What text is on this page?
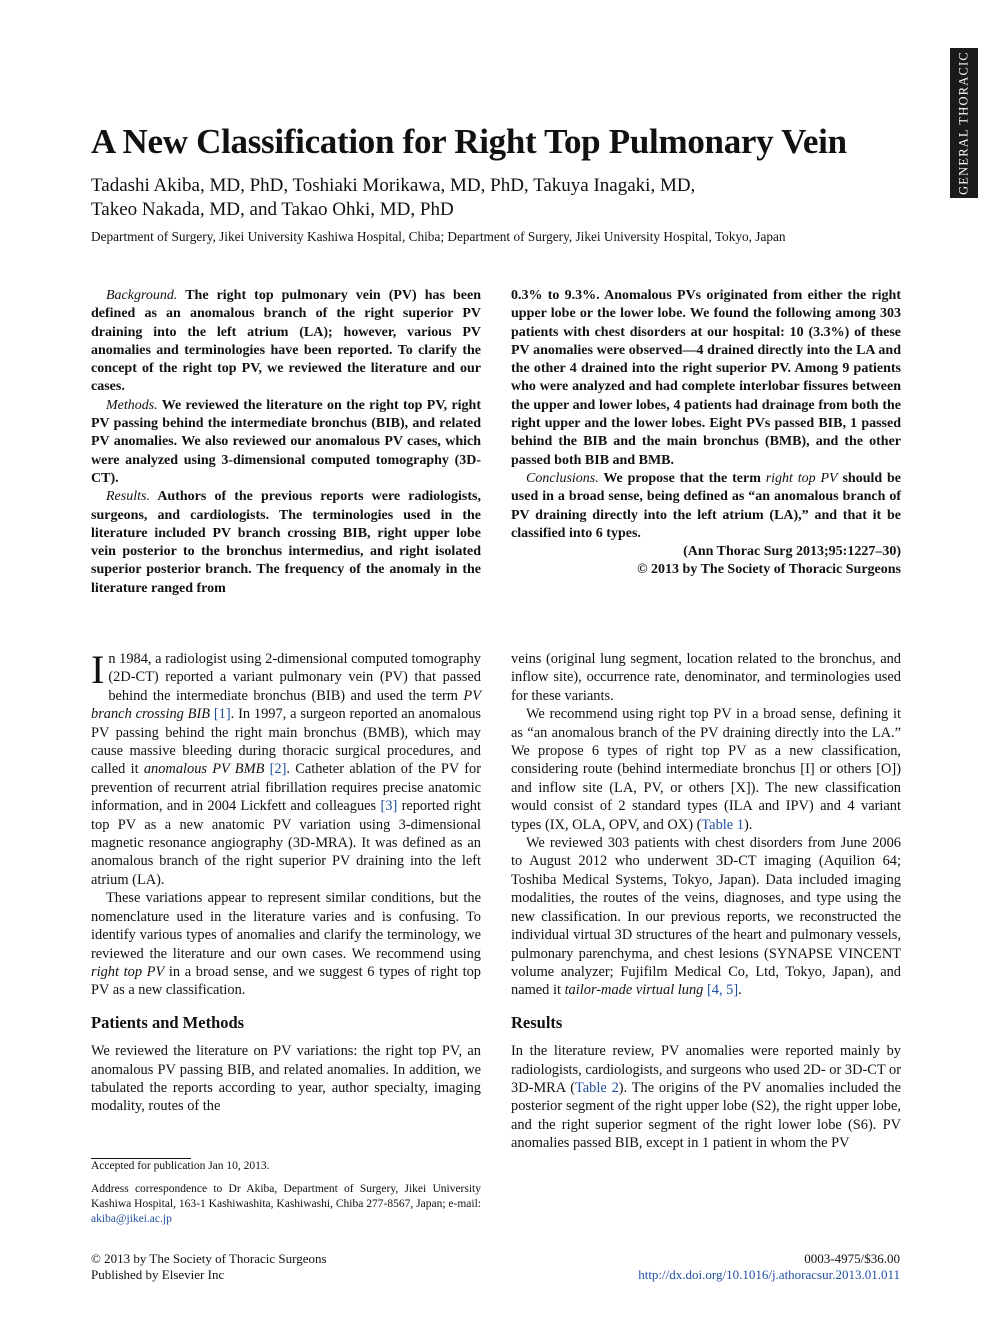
GENERAL THORACIC
A New Classification for Right Top Pulmonary Vein
Tadashi Akiba, MD, PhD, Toshiaki Morikawa, MD, PhD, Takuya Inagaki, MD,
Takeo Nakada, MD, and Takao Ohki, MD, PhD
Department of Surgery, Jikei University Kashiwa Hospital, Chiba; Department of Surgery, Jikei University Hospital, Tokyo, Japan

Background. The right top pulmonary vein (PV) has been defined as an anomalous branch of the right superior PV draining into the left atrium (LA); however, various PV anomalies and terminologies have been reported. To clarify the concept of the right top PV, we reviewed the literature and our cases.

Methods. We reviewed the literature on the right top PV, right PV passing behind the intermediate bronchus (BIB), and related PV anomalies. We also reviewed our anomalous PV cases, which were analyzed using 3-dimensional computed tomography (3D-CT).

Results. Authors of the previous reports were radiologists, surgeons, and cardiologists. The terminologies used in the literature included PV branch crossing BIB, right upper lobe vein posterior to the bronchus intermedius, and right isolated superior posterior branch. The frequency of the anomaly in the literature ranged from

0.3% to 9.3%. Anomalous PVs originated from either the right upper lobe or the lower lobe. We found the following among 303 patients with chest disorders at our hospital: 10 (3.3%) of these PV anomalies were observed—4 drained directly into the LA and the other 4 drained into the right superior PV. Among 9 patients who were analyzed and had complete interlobar fissures between the upper and lower lobes, 4 patients had drainage from both the right upper and the lower lobes. Eight PVs passed BIB, 1 passed behind the BIB and the main bronchus (BMB), and the other passed both BIB and BMB.

Conclusions. We propose that the term right top PV should be used in a broad sense, being defined as “an anomalous branch of PV draining directly into the left atrium (LA),” and that it be classified into 6 types.

(Ann Thorac Surg 2013;95:1227–30)

© 2013 by The Society of Thoracic Surgeons

In 1984, a radiologist using 2-dimensional computed tomography (2D-CT) reported a variant pulmonary vein (PV) that passed behind the intermediate bronchus (BIB) and used the term PV branch crossing BIB [1]. In 1997, a surgeon reported an anomalous PV passing behind the right main bronchus (BMB), which may cause massive bleeding during thoracic surgical procedures, and called it anomalous PV BMB [2]. Catheter ablation of the PV for prevention of recurrent atrial fibrillation requires precise anatomic information, and in 2004 Lickfett and colleagues [3] reported right top PV as a new anatomic PV variation using 3-dimensional magnetic resonance angiography (3D-MRA). It was defined as an anomalous branch of the right superior PV draining into the left atrium (LA).

These variations appear to represent similar conditions, but the nomenclature used in the literature varies and is confusing. To identify various types of anomalies and clarify the terminology, we reviewed the literature and our own cases. We recommend using right top PV in a broad sense, and we suggest 6 types of right top PV as a new classification.

Patients and Methods

We reviewed the literature on PV variations: the right top PV, an anomalous PV passing BIB, and related anomalies. In addition, we tabulated the reports according to year, author specialty, imaging modality, routes of the

veins (original lung segment, location related to the bronchus, and inflow site), occurrence rate, denominator, and terminologies used for these variants.

We recommend using right top PV in a broad sense, defining it as “an anomalous branch of the PV draining directly into the LA.” We propose 6 types of right top PV as a new classification, considering route (behind intermediate bronchus [I] or others [O]) and inflow site (LA, PV, or others [X]). The new classification would consist of 2 standard types (ILA and IPV) and 4 variant types (IX, OLA, OPV, and OX) (Table 1).

We reviewed 303 patients with chest disorders from June 2006 to August 2012 who underwent 3D-CT imaging (Aquilion 64; Toshiba Medical Systems, Tokyo, Japan). Data included imaging modalities, the routes of the veins, diagnoses, and type using the new classification. In our previous reports, we reconstructed the individual virtual 3D structures of the heart and pulmonary vessels, pulmonary parenchyma, and chest lesions (SYNAPSE VINCENT volume analyzer; Fujifilm Medical Co, Ltd, Tokyo, Japan), and named it tailor-made virtual lung [4, 5].

Results

In the literature review, PV anomalies were reported mainly by radiologists, cardiologists, and surgeons who used 2D- or 3D-CT or 3D-MRA (Table 2). The origins of the PV anomalies included the posterior segment of the right upper lobe (S2), the right upper lobe, and the right superior segment of the right lower lobe (S6). PV anomalies passed BIB, except in 1 patient in whom the PV

Accepted for publication Jan 10, 2013.
Address correspondence to Dr Akiba, Department of Surgery, Jikei University Kashiwa Hospital, 163-1 Kashiwashita, Kashiwashi, Chiba 277-8567, Japan; e-mail: akiba@jikei.ac.jp
© 2013 by The Society of Thoracic Surgeons
Published by Elsevier Inc
0003-4975/$36.00
http://dx.doi.org/10.1016/j.athoracsur.2013.01.011
